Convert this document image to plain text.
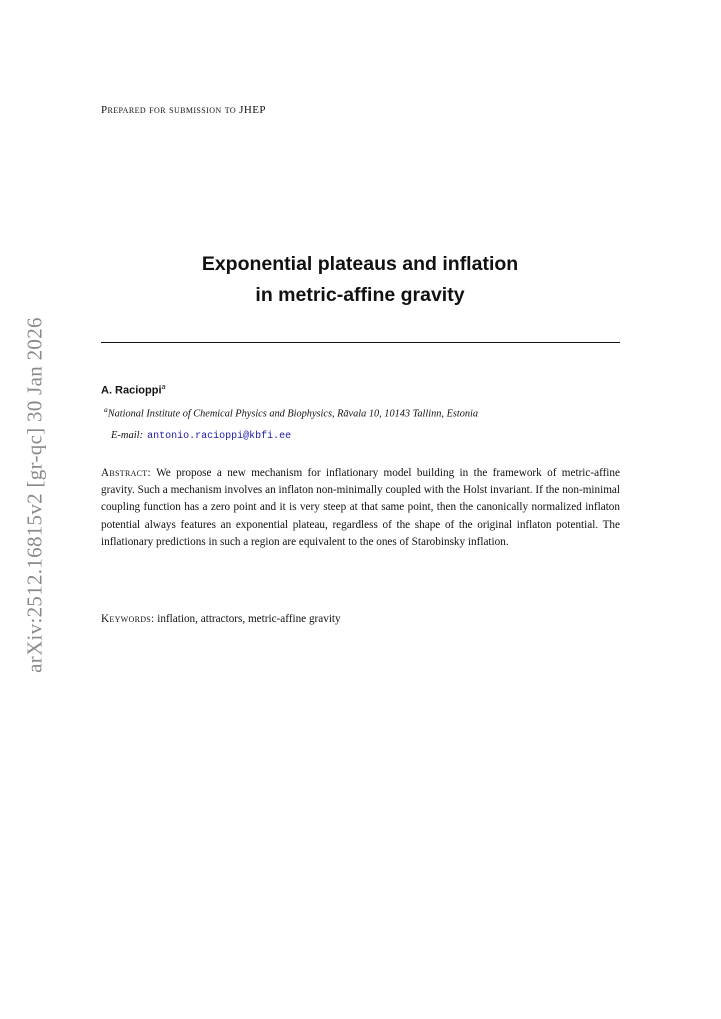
arXiv:2512.16815v2 [gr-qc] 30 Jan 2026
Prepared for submission to JHEP
Exponential plateaus and inflation
in metric-affine gravity
A. Racioppi$^a$
$^a$National Institute of Chemical Physics and Biophysics, Rāvala 10, 10143 Tallinn, Estonia
E-mail: antonio.racioppi@kbfi.ee
Abstract: We propose a new mechanism for inflationary model building in the framework of metric-affine gravity. Such a mechanism involves an inflaton non-minimally coupled with the Holst invariant. If the non-minimal coupling function has a zero point and it is very steep at that same point, then the canonically normalized inflaton potential always features an exponential plateau, regardless of the shape of the original inflaton potential. The inflationary predictions in such a region are equivalent to the ones of Starobinsky inflation.
Keywords: inflation, attractors, metric-affine gravity
